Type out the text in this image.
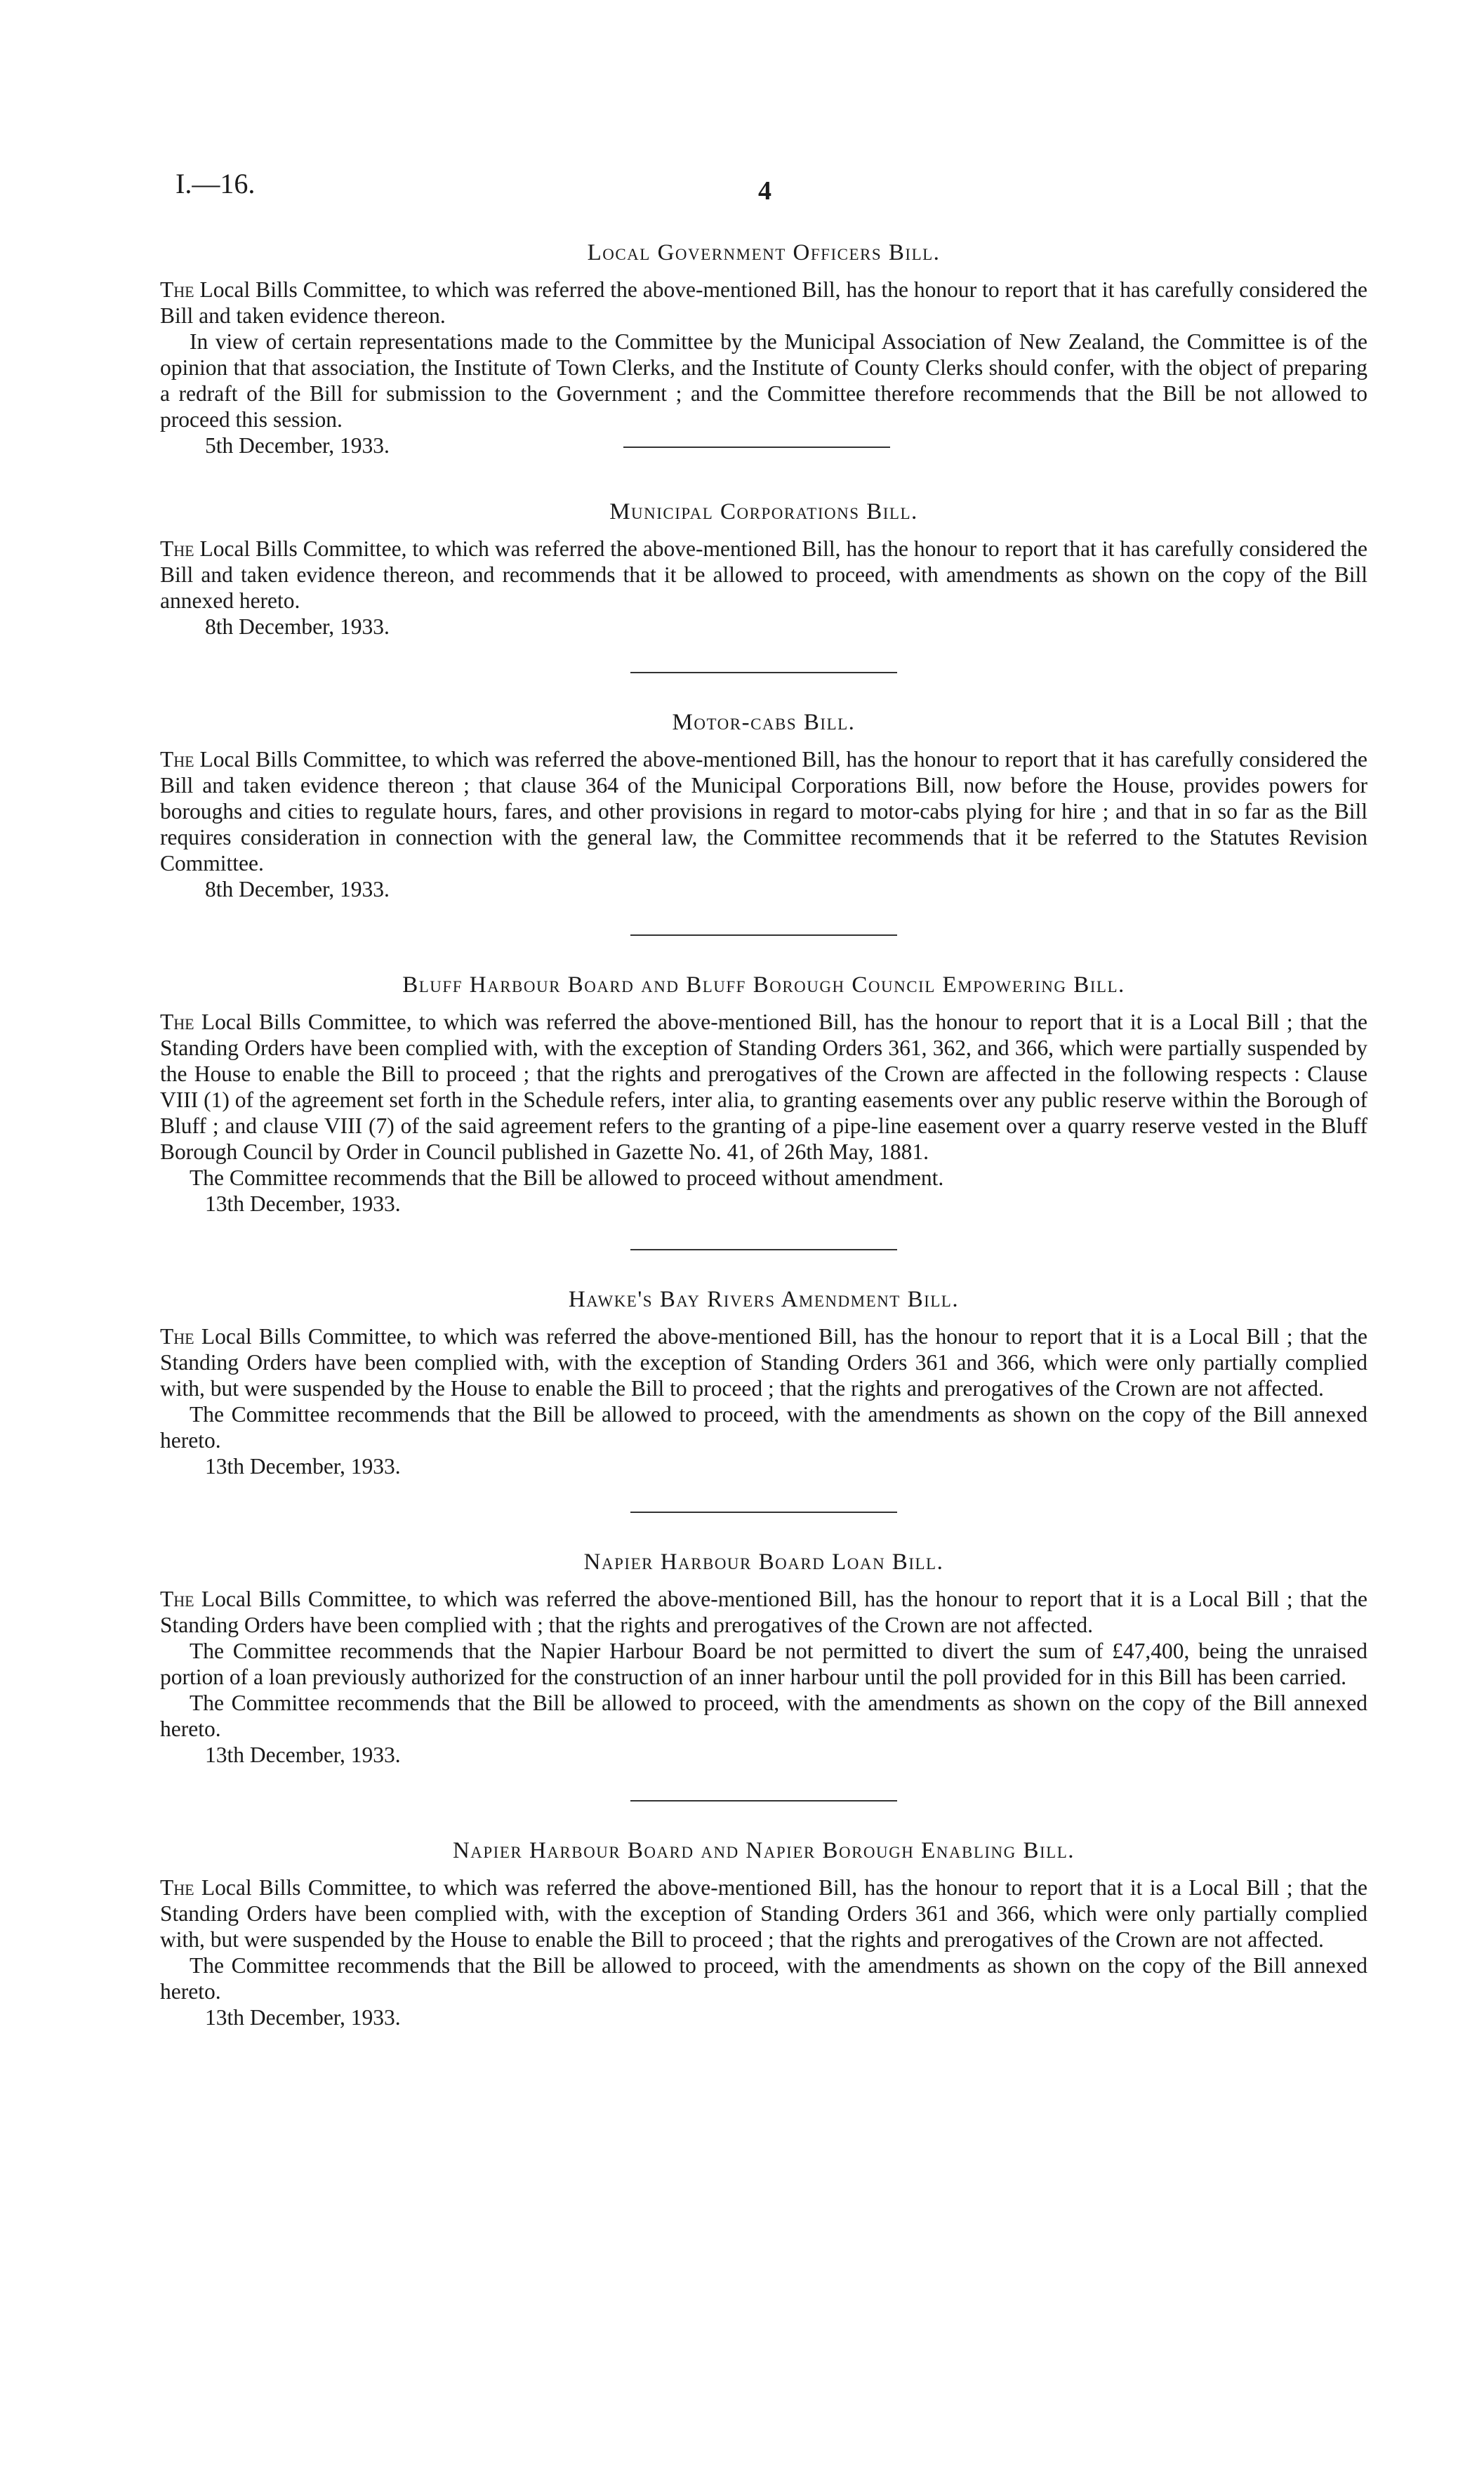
I.—16.	4
Local Government Officers Bill.

The Local Bills Committee, to which was referred the above-mentioned Bill, has the honour to report that it has carefully considered the Bill and taken evidence thereon.

In view of certain representations made to the Committee by the Municipal Association of New Zealand, the Committee is of the opinion that that association, the Institute of Town Clerks, and the Institute of County Clerks should confer, with the object of preparing a redraft of the Bill for submission to the Government ; and the Committee therefore recommends that the Bill be not allowed to proceed this session.

5th December, 1933.
Municipal Corporations Bill.

The Local Bills Committee, to which was referred the above-mentioned Bill, has the honour to report that it has carefully considered the Bill and taken evidence thereon, and recommends that it be allowed to proceed, with amendments as shown on the copy of the Bill annexed hereto.

8th December, 1933.
Motor-cabs Bill.

The Local Bills Committee, to which was referred the above-mentioned Bill, has the honour to report that it has carefully considered the Bill and taken evidence thereon ; that clause 364 of the Municipal Corporations Bill, now before the House, provides powers for boroughs and cities to regulate hours, fares, and other provisions in regard to motor-cabs plying for hire ; and that in so far as the Bill requires consideration in connection with the general law, the Committee recommends that it be referred to the Statutes Revision Committee.

8th December, 1933.
Bluff Harbour Board and Bluff Borough Council Empowering Bill.

The Local Bills Committee, to which was referred the above-mentioned Bill, has the honour to report that it is a Local Bill ; that the Standing Orders have been complied with, with the exception of Standing Orders 361, 362, and 366, which were partially suspended by the House to enable the Bill to proceed ; that the rights and prerogatives of the Crown are affected in the following respects : Clause VIII (1) of the agreement set forth in the Schedule refers, inter alia, to granting easements over any public reserve within the Borough of Bluff ; and clause VIII (7) of the said agreement refers to the granting of a pipe-line easement over a quarry reserve vested in the Bluff Borough Council by Order in Council published in Gazette No. 41, of 26th May, 1881.

The Committee recommends that the Bill be allowed to proceed without amendment.

13th December, 1933.
Hawke's Bay Rivers Amendment Bill.

The Local Bills Committee, to which was referred the above-mentioned Bill, has the honour to report that it is a Local Bill ; that the Standing Orders have been complied with, with the exception of Standing Orders 361 and 366, which were only partially complied with, but were suspended by the House to enable the Bill to proceed ; that the rights and prerogatives of the Crown are not affected.

The Committee recommends that the Bill be allowed to proceed, with the amendments as shown on the copy of the Bill annexed hereto.

13th December, 1933.
Napier Harbour Board Loan Bill.

The Local Bills Committee, to which was referred the above-mentioned Bill, has the honour to report that it is a Local Bill ; that the Standing Orders have been complied with ; that the rights and prerogatives of the Crown are not affected.

The Committee recommends that the Napier Harbour Board be not permitted to divert the sum of £47,400, being the unraised portion of a loan previously authorized for the construction of an inner harbour until the poll provided for in this Bill has been carried.

The Committee recommends that the Bill be allowed to proceed, with the amendments as shown on the copy of the Bill annexed hereto.

13th December, 1933.
Napier Harbour Board and Napier Borough Enabling Bill.

The Local Bills Committee, to which was referred the above-mentioned Bill, has the honour to report that it is a Local Bill ; that the Standing Orders have been complied with, with the exception of Standing Orders 361 and 366, which were only partially complied with, but were suspended by the House to enable the Bill to proceed ; that the rights and prerogatives of the Crown are not affected.

The Committee recommends that the Bill be allowed to proceed, with the amendments as shown on the copy of the Bill annexed hereto.

13th December, 1933.
